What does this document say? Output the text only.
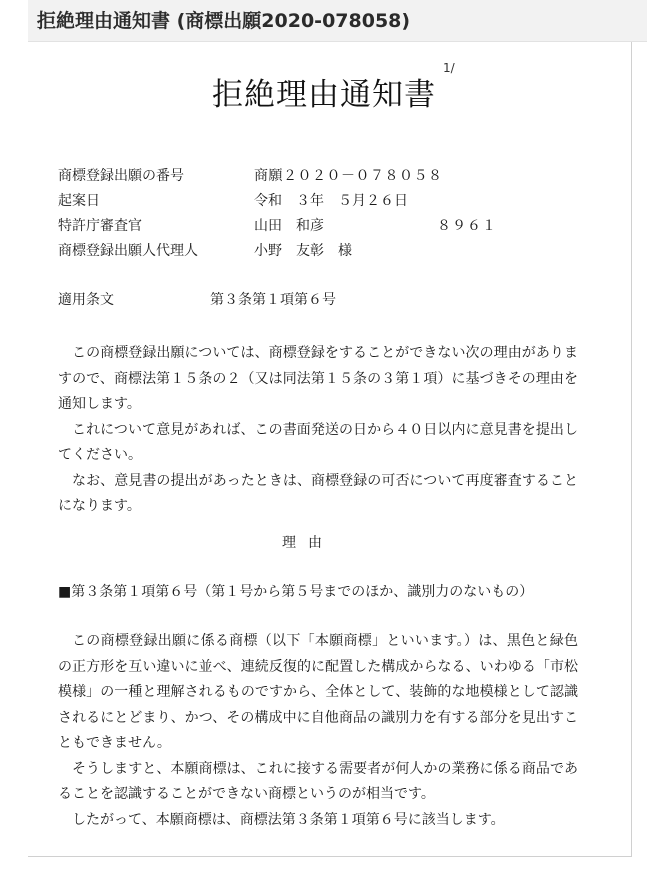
拒絶理由通知書 (商標出願2020-078058)
1/
拒絶理由通知書
商標登録出願の番号	商願２０２０－０７８０５８
起案日	令和　３年　５月２６日
特許庁審査官	山田　和彦	８９６１
商標登録出願人代理人	小野　友彰　様
適用条文	第３条第１項第６号

この商標登録出願については、商標登録をすることができない次の理由がありますので、商標法第１５条の２（又は同法第１５条の３第１項）に基づきその理由を通知します。

これについて意見があれば、この書面発送の日から４０日以内に意見書を提出してください。

なお、意見書の提出があったときは、商標登録の可否について再度審査することになります。

理由
■第３条第１項第６号（第１号から第５号までのほか、識別力のないもの）

この商標登録出願に係る商標（以下「本願商標」といいます。）は、黒色と緑色の正方形を互い違いに並べ、連続反復的に配置した構成からなる、いわゆる「市松模様」の一種と理解されるものですから、全体として、装飾的な地模様として認識されるにとどまり、かつ、その構成中に自他商品の識別力を有する部分を見出すこともできません。

そうしますと、本願商標は、これに接する需要者が何人かの業務に係る商品であることを認識することができない商標というのが相当です。

したがって、本願商標は、商標法第３条第１項第６号に該当します。
